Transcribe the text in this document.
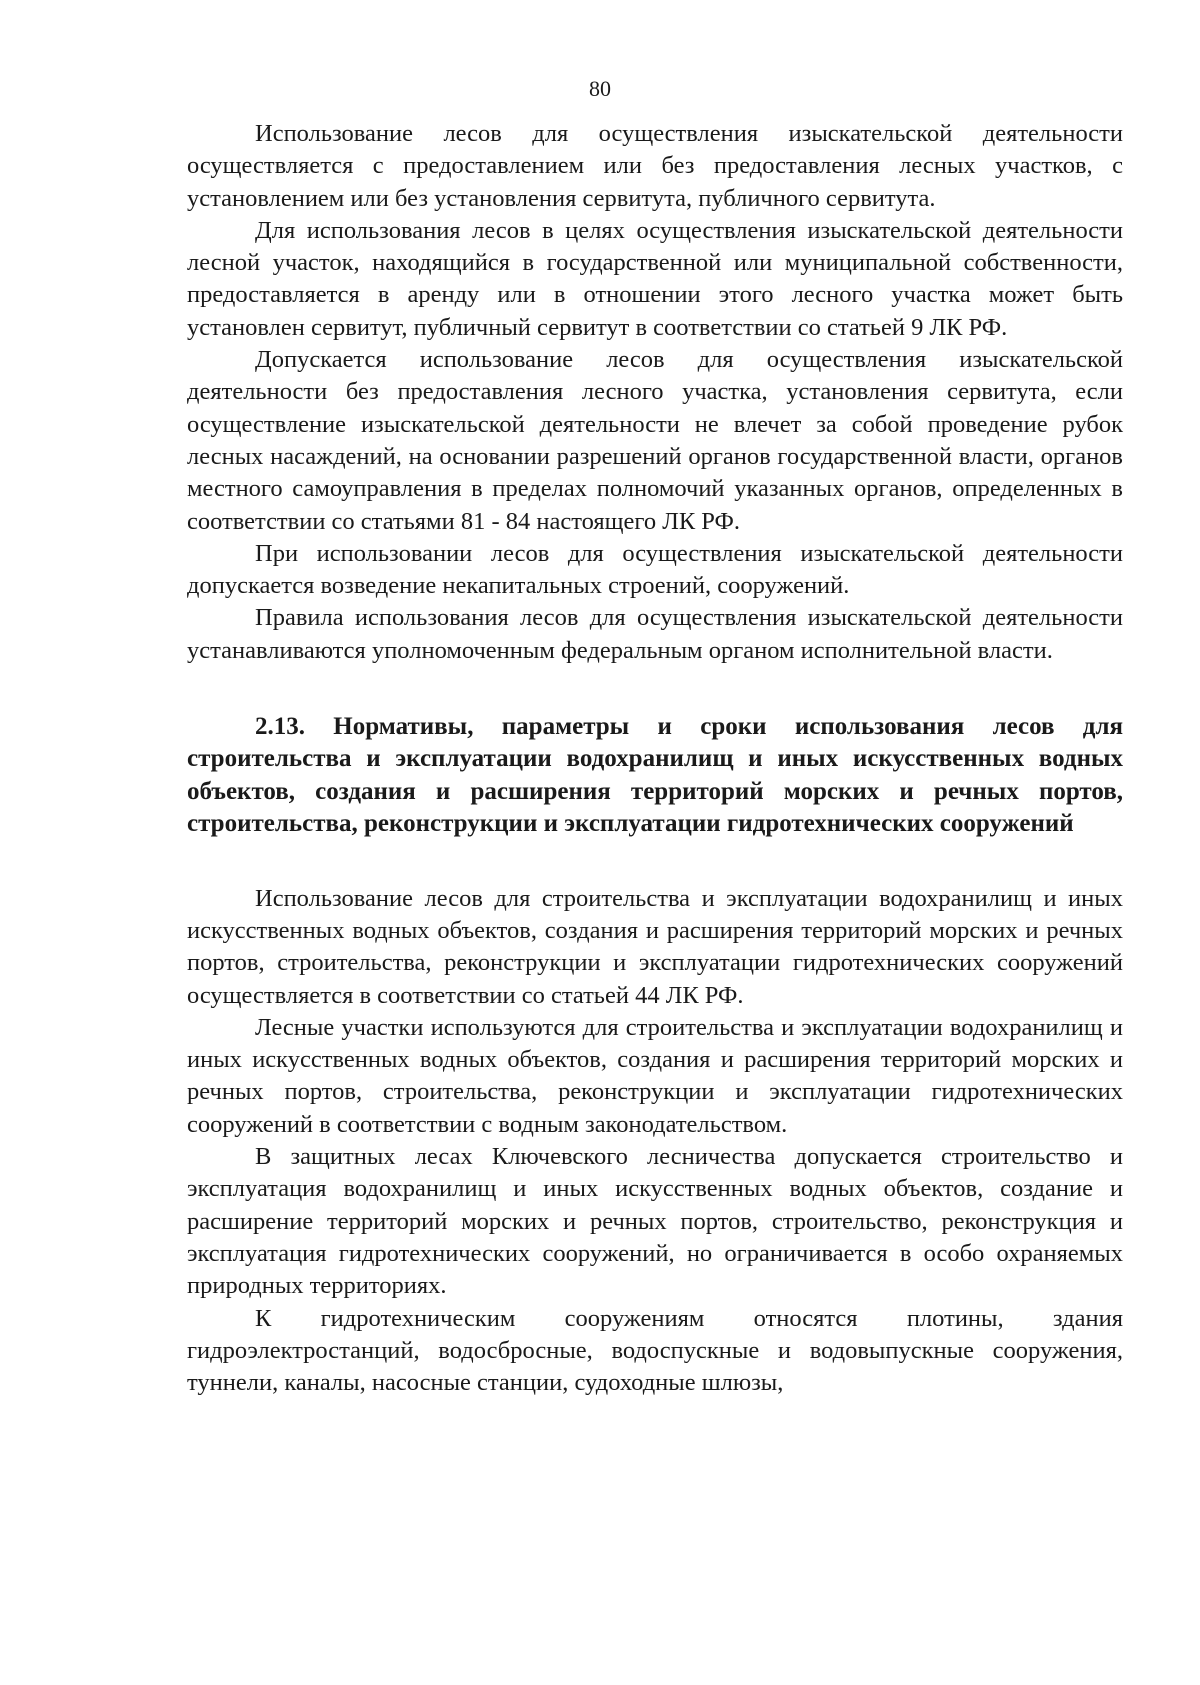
80

Использование лесов для осуществления изыскательской деятельности осуществляется с предоставлением или без предоставления лесных участков, с установлением или без установления сервитута, публичного сервитута.

Для использования лесов в целях осуществления изыскательской деятельности лесной участок, находящийся в государственной или муниципальной собственности, предоставляется в аренду или в отношении этого лесного участка может быть установлен сервитут, публичный сервитут в соответствии со статьей 9 ЛК РФ.

Допускается использование лесов для осуществления изыскательской деятельности без предоставления лесного участка, установления сервитута, если осуществление изыскательской деятельности не влечет за собой проведение рубок лесных насаждений, на основании разрешений органов государственной власти, органов местного самоуправления в пределах полномочий указанных органов, определенных в соответствии со статьями 81 - 84 настоящего ЛК РФ.

При использовании лесов для осуществления изыскательской деятельности допускается возведение некапитальных строений, сооружений.

Правила использования лесов для осуществления изыскательской деятельности устанавливаются уполномоченным федеральным органом исполнительной власти.

2.13. Нормативы, параметры и сроки использования лесов для строительства и эксплуатации водохранилищ и иных искусственных водных объектов, создания и расширения территорий морских и речных портов, строительства, реконструкции и эксплуатации гидротехнических сооружений

Использование лесов для строительства и эксплуатации водохранилищ и иных искусственных водных объектов, создания и расширения территорий морских и речных портов, строительства, реконструкции и эксплуатации гидротехнических сооружений осуществляется в соответствии со статьей 44 ЛК РФ.

Лесные участки используются для строительства и эксплуатации водохранилищ и иных искусственных водных объектов, создания и расширения территорий морских и речных портов, строительства, реконструкции и эксплуатации гидротехнических сооружений в соответствии с водным законодательством.

В защитных лесах Ключевского лесничества допускается строительство и эксплуатация водохранилищ и иных искусственных водных объектов, создание и расширение территорий морских и речных портов, строительство, реконструкция и эксплуатация гидротехнических сооружений, но ограничивается в особо охраняемых природных территориях.

К гидротехническим сооружениям относятся плотины, здания гидроэлектростанций, водосбросные, водоспускные и водовыпускные сооружения, туннели, каналы, насосные станции, судоходные шлюзы,
